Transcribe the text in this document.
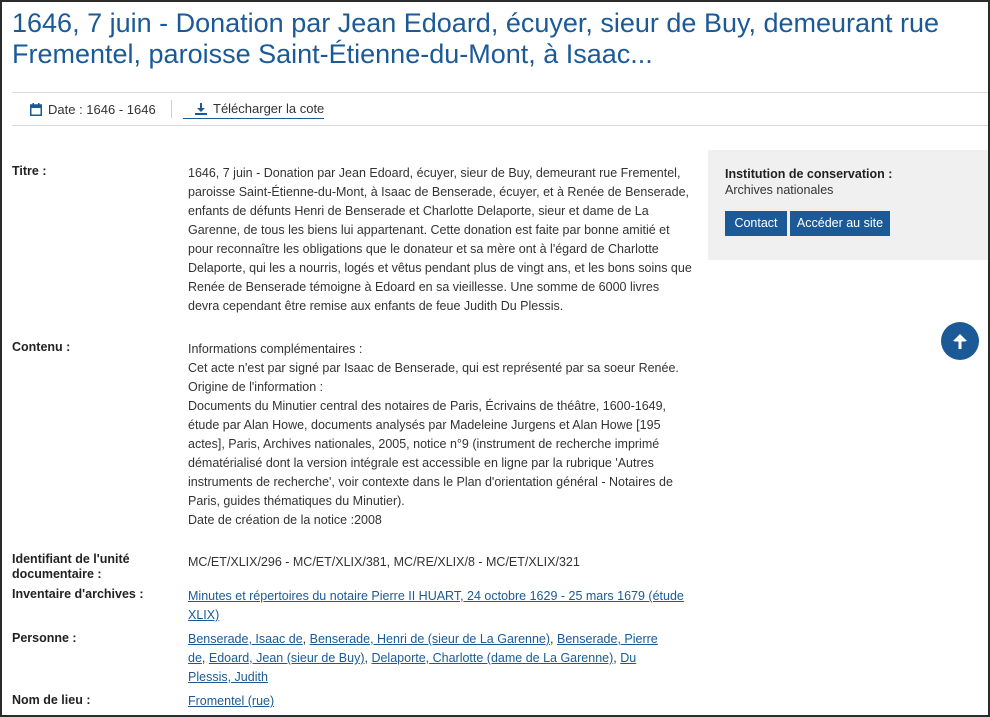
1646, 7 juin - Donation par Jean Edoard, écuyer, sieur de Buy, demeurant rue Frementel, paroisse Saint-Étienne-du-Mont, à Isaac...
Date : 1646 - 1646	Télécharger la cote
Titre :	1646, 7 juin - Donation par Jean Edoard, écuyer, sieur de Buy, demeurant rue Frementel, paroisse Saint-Étienne-du-Mont, à Isaac de Benserade, écuyer, et à Renée de Benserade, enfants de défunts Henri de Benserade et Charlotte Delaporte, sieur et dame de La Garenne, de tous les biens lui appartenant. Cette donation est faite par bonne amitié et pour reconnaître les obligations que le donateur et sa mère ont à l'égard de Charlotte Delaporte, qui les a nourris, logés et vêtus pendant plus de vingt ans, et les bons soins que Renée de Benserade témoigne à Edoard en sa vieillesse. Une somme de 6000 livres devra cependant être remise aux enfants de feue Judith Du Plessis.
Contenu :	Informations complémentaires :

Cet acte n'est par signé par Isaac de Benserade, qui est représenté par sa soeur Renée.

Origine de l'information :

Documents du Minutier central des notaires de Paris, Écrivains de théâtre, 1600-1649, étude par Alan Howe, documents analysés par Madeleine Jurgens et Alan Howe [195 actes], Paris, Archives nationales, 2005, notice n°9 (instrument de recherche imprimé dématérialisé dont la version intégrale est accessible en ligne par la rubrique 'Autres instruments de recherche', voir contexte dans le Plan d'orientation général - Notaires de Paris, guides thématiques du Minutier).

Date de création de la notice :2008

Identifiant de l'unité documentaire :
MC/ET/XLIX/296 - MC/ET/XLIX/381, MC/RE/XLIX/8 - MC/ET/XLIX/321
Inventaire d'archives :	Minutes et répertoires du notaire Pierre II HUART, 24 octobre 1629 - 25 mars 1679 (étude XLIX)
Personne :	Benserade, Isaac de, Benserade, Henri de (sieur de La Garenne), Benserade, Pierre de, Edoard, Jean (sieur de Buy), Delaporte, Charlotte (dame de La Garenne), Du Plessis, Judith
Nom de lieu :	Fromentel (rue)
Institution de conservation :
Archives nationales
Contact	Accéder au site
